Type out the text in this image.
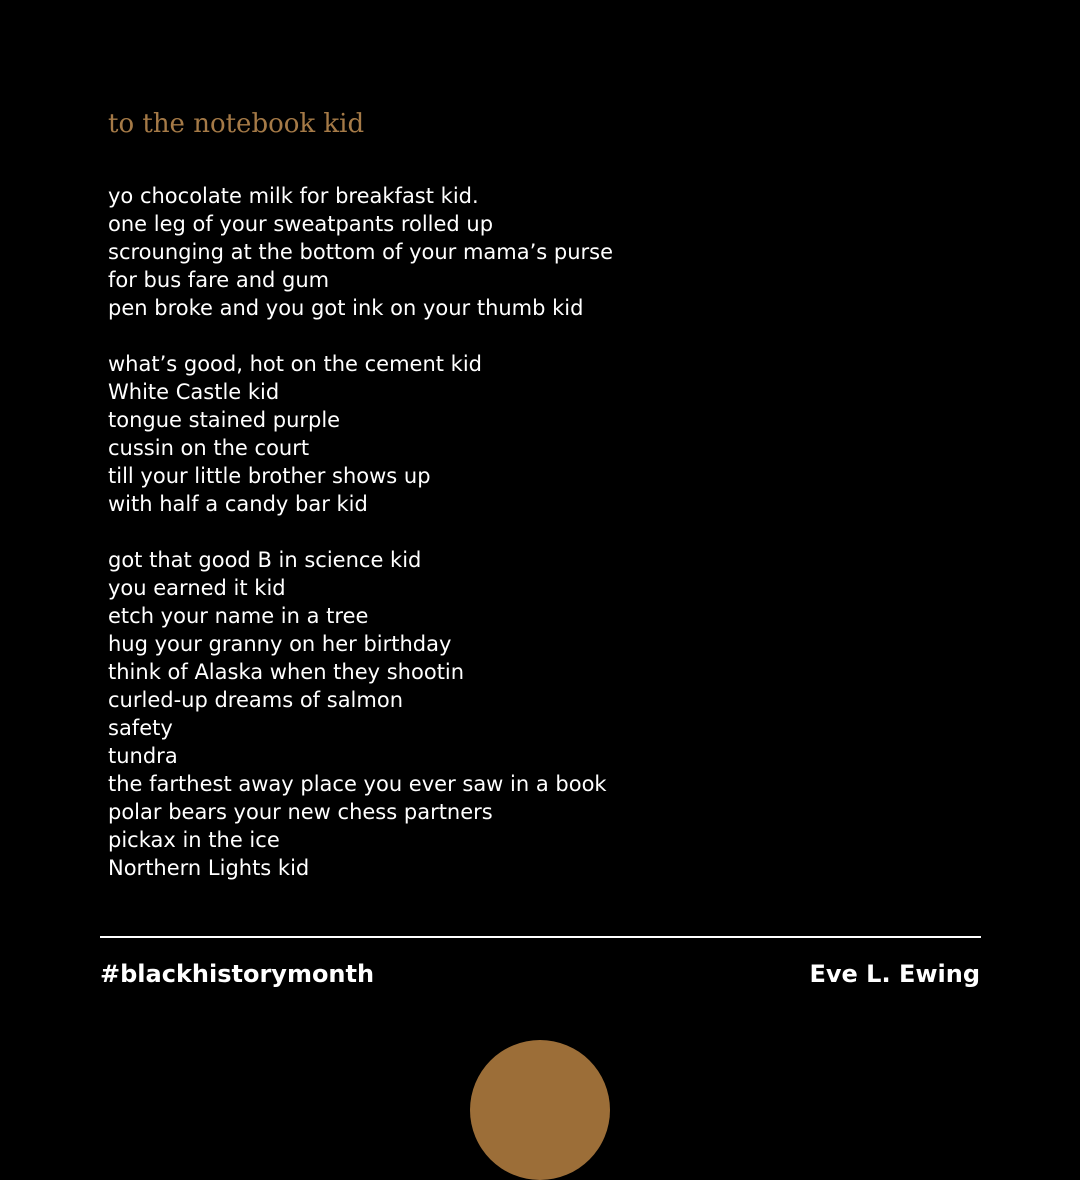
to the notebook kid
yo chocolate milk for breakfast kid.
one leg of your sweatpants rolled up
scrounging at the bottom of your mama’s purse
for bus fare and gum
pen broke and you got ink on your thumb kid
what’s good, hot on the cement kid
White Castle kid
tongue stained purple
cussin on the court
till your little brother shows up
with half a candy bar kid
got that good B in science kid
you earned it kid
etch your name in a tree
hug your granny on her birthday
think of Alaska when they shootin
curled-up dreams of salmon
safety
tundra
the farthest away place you ever saw in a book
polar bears your new chess partners
pickax in the ice
Northern Lights kid
#blackhistorymonth	Eve L. Ewing
